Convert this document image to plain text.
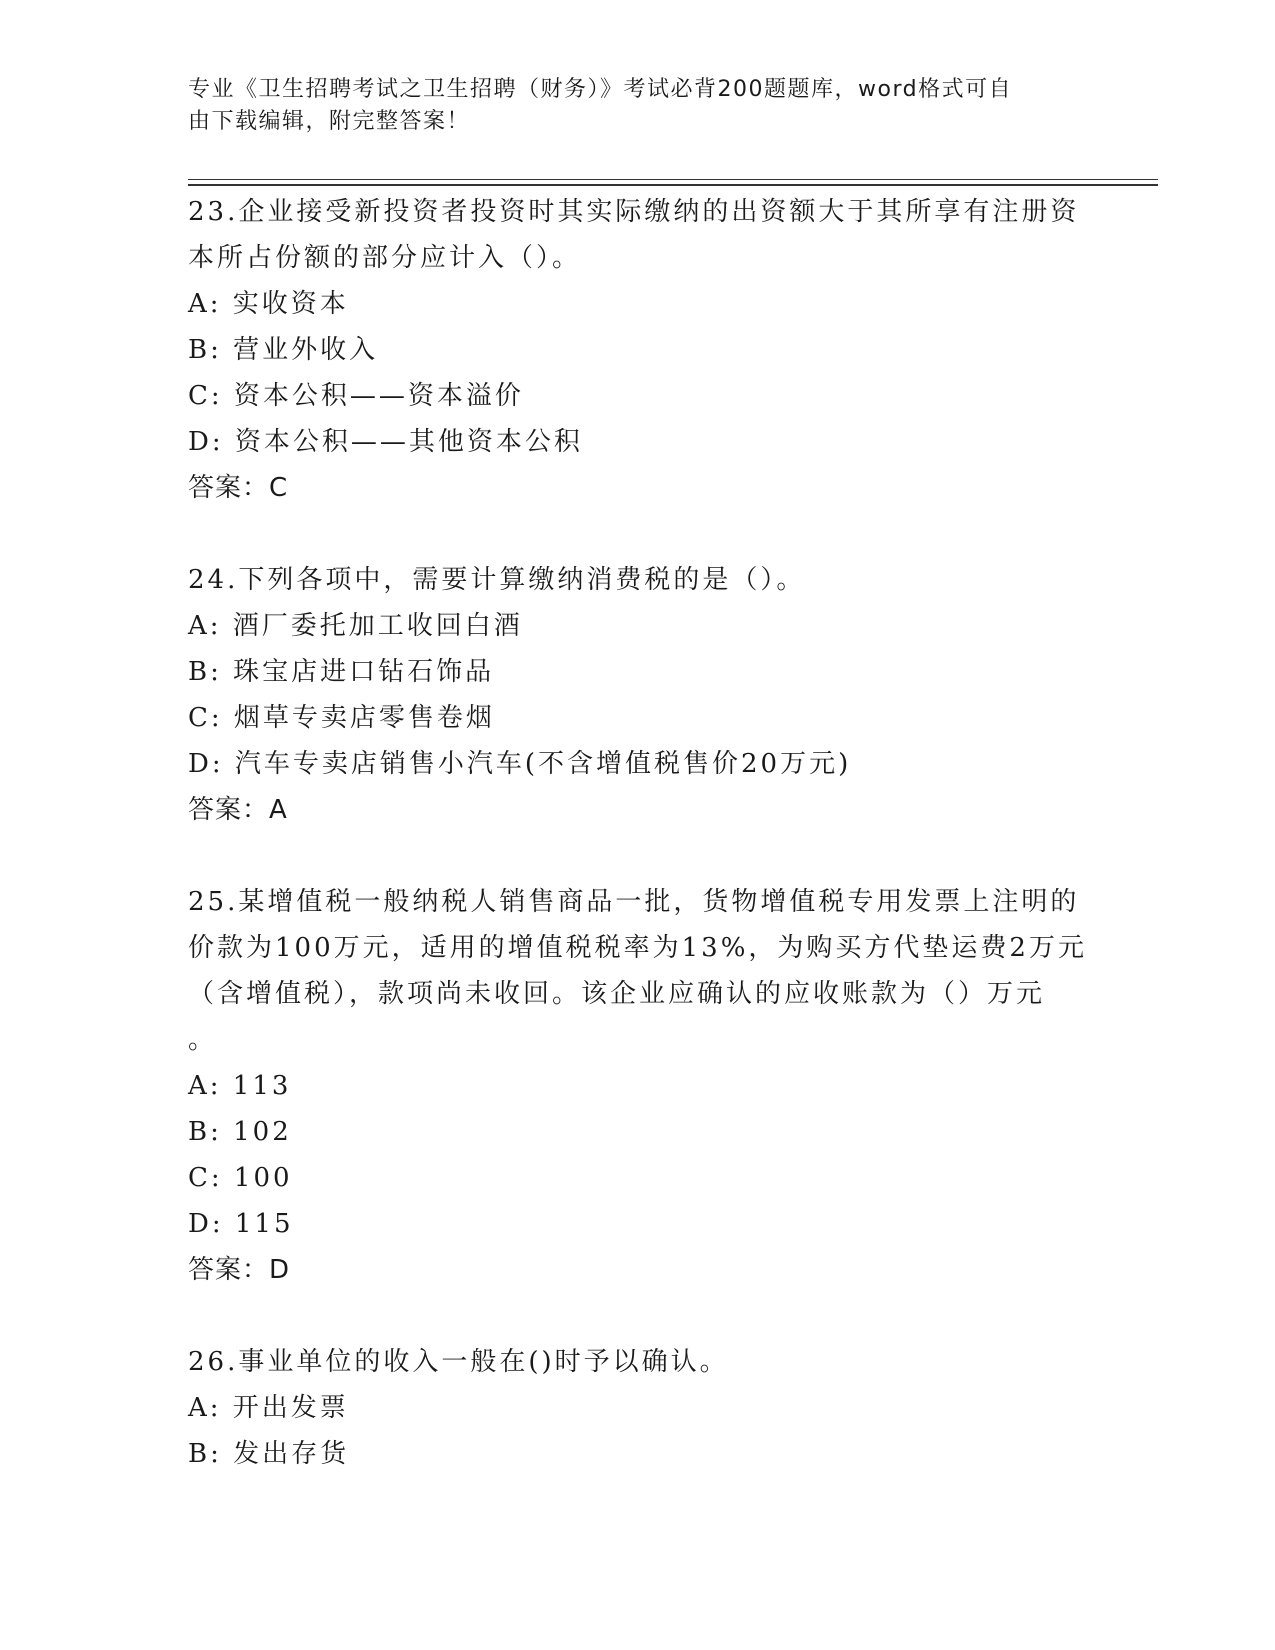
专业《卫生招聘考试之卫生招聘（财务）》考试必背200题题库，word格式可自
由下载编辑，附完整答案！
23.企业接受新投资者投资时其实际缴纳的出资额大于其所享有注册资
本所占份额的部分应计入（）。
A: 实收资本
B: 营业外收入
C: 资本公积——资本溢价
D: 资本公积——其他资本公积
答案：C
24.下列各项中，需要计算缴纳消费税的是（）。
A: 酒厂委托加工收回白酒
B: 珠宝店进口钻石饰品
C: 烟草专卖店零售卷烟
D: 汽车专卖店销售小汽车(不含增值税售价20万元)
答案：A
25.某增值税一般纳税人销售商品一批，货物增值税专用发票上注明的
价款为100万元，适用的增值税税率为13%，为购买方代垫运费2万元
（含增值税），款项尚未收回。该企业应确认的应收账款为（）万元
。
A: 113
B: 102
C: 100
D: 115
答案：D
26.事业单位的收入一般在()时予以确认。
A: 开出发票
B: 发出存货
